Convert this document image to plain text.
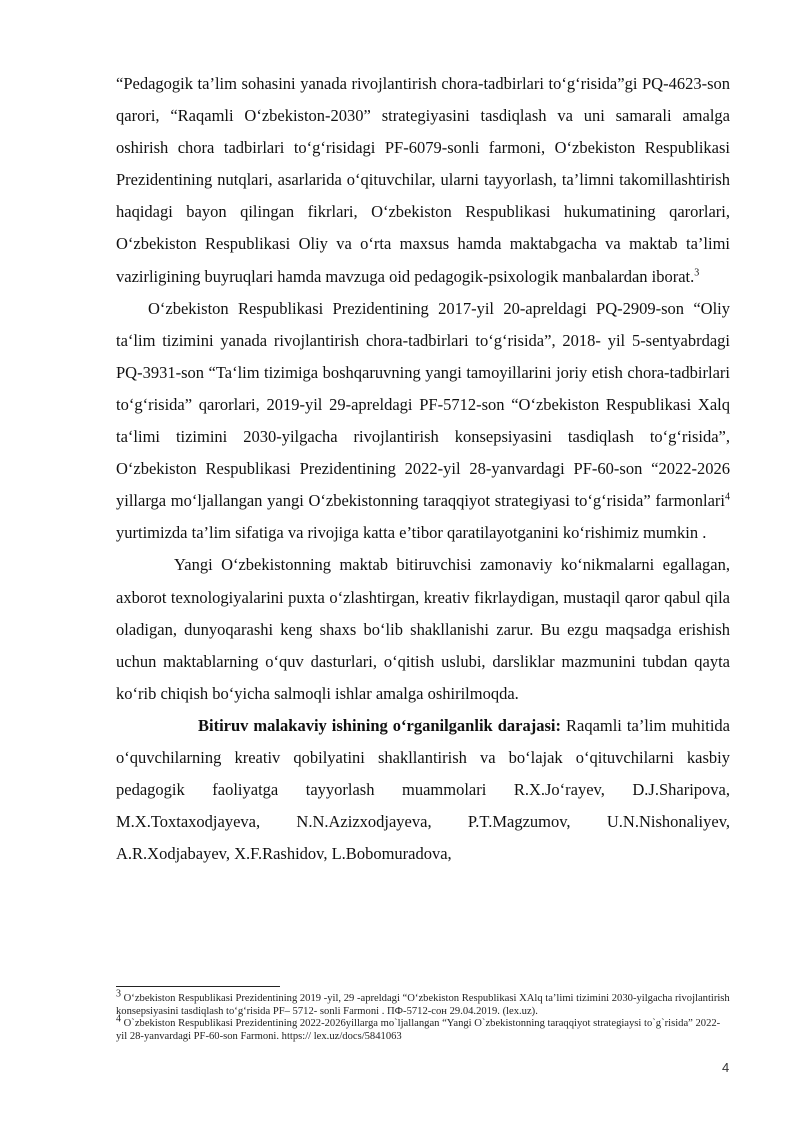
“Pedagogik ta’lim sohasini yanada rivojlantirish chora-tadbirlari to‘g‘risida”gi PQ-4623-son qarori, “Raqamli O‘zbekiston-2030” strategiyasini tasdiqlash va uni samarali amalga oshirish chora tadbirlari to‘g‘risidagi PF-6079-sonli farmoni, O‘zbekiston Respublikasi Prezidentining nutqlari, asarlarida o‘qituvchilar, ularni tayyorlash, ta’limni takomillashtirish haqidagi bayon qilingan fikrlari, O‘zbekiston Respublikasi hukumatining qarorlari, O‘zbekiston Respublikasi Oliy va o‘rta maxsus hamda maktabgacha va maktab ta’limi vazirligining buyruqlari hamda mavzuga oid pedagogik-psixologik manbalardan iborat.$^3$

O‘zbekiston Respublikasi Prezidentining 2017-yil 20-apreldagi PQ-2909-son “Oliy ta‘lim tizimini yanada rivojlantirish chora-tadbirlari to‘g‘risida”, 2018- yil 5-sentyabrdagi PQ-3931-son “Ta‘lim tizimiga boshqaruvning yangi tamoyillarini joriy etish chora-tadbirlari to‘g‘risida” qarorlari, 2019-yil 29-apreldagi PF-5712-son “O‘zbekiston Respublikasi Xalq ta‘limi tizimini 2030-yilgacha rivojlantirish konsepsiyasini tasdiqlash to‘g‘risida”, O‘zbekiston Respublikasi Prezidentining 2022-yil 28-yanvardagi PF-60-son “2022-2026 yillarga mo‘ljallangan yangi O‘zbekistonning taraqqiyot strategiyasi to‘g‘risida” farmonlari$^4$ yurtimizda ta’lim sifatiga va rivojiga katta e’tibor qaratilayotganini ko‘rishimiz mumkin .

Yangi O‘zbekistonning maktab bitiruvchisi zamonaviy ko‘nikmalarni egallagan, axborot texnologiyalarini puxta o‘zlashtirgan, kreativ fikrlaydigan, mustaqil qaror qabul qila oladigan, dunyoqarashi keng shaxs bo‘lib shakllanishi zarur. Bu ezgu maqsadga erishish uchun maktablarning o‘quv dasturlari, o‘qitish uslubi, darsliklar mazmunini tubdan qayta ko‘rib chiqish bo‘yicha salmoqli ishlar amalga oshirilmoqda.

Bitiruv malakaviy ishining o‘rganilganlik darajasi: Raqamli ta’lim muhitida o‘quvchilarning kreativ qobilyatini shakllantirish va bo‘lajak o‘qituvchilarni kasbiy pedagogik faoliyatga tayyorlash muammolari R.X.Jo‘rayev, D.J.Sharipova, M.X.Toxtaxodjayeva, N.N.Azizxodjayeva, P.T.Magzumov, U.N.Nishonaliyev, A.R.Xodjabayev, X.F.Rashidov, L.Bobomuradova,

$^3$ O‘zbekiston Respublikasi Prezidentining 2019 -yil, 29 -apreldagi “O‘zbekiston Respublikasi XAlq ta’limi tizimini 2030-yilgacha rivojlantirish konsepsiyasini tasdiqlash to‘g‘risida PF– 5712- sonli Farmoni . ПФ-5712-сон 29.04.2019. (lex.uz).

$^4$ O`zbekiston Respublikasi Prezidentining 2022-2026yillarga mo`ljallangan “Yangi O`zbekistonning taraqqiyot strategiaysi to`g`risida” 2022-yil 28-yanvardagi PF-60-son Farmoni. https:// lex.uz/docs/5841063

4
